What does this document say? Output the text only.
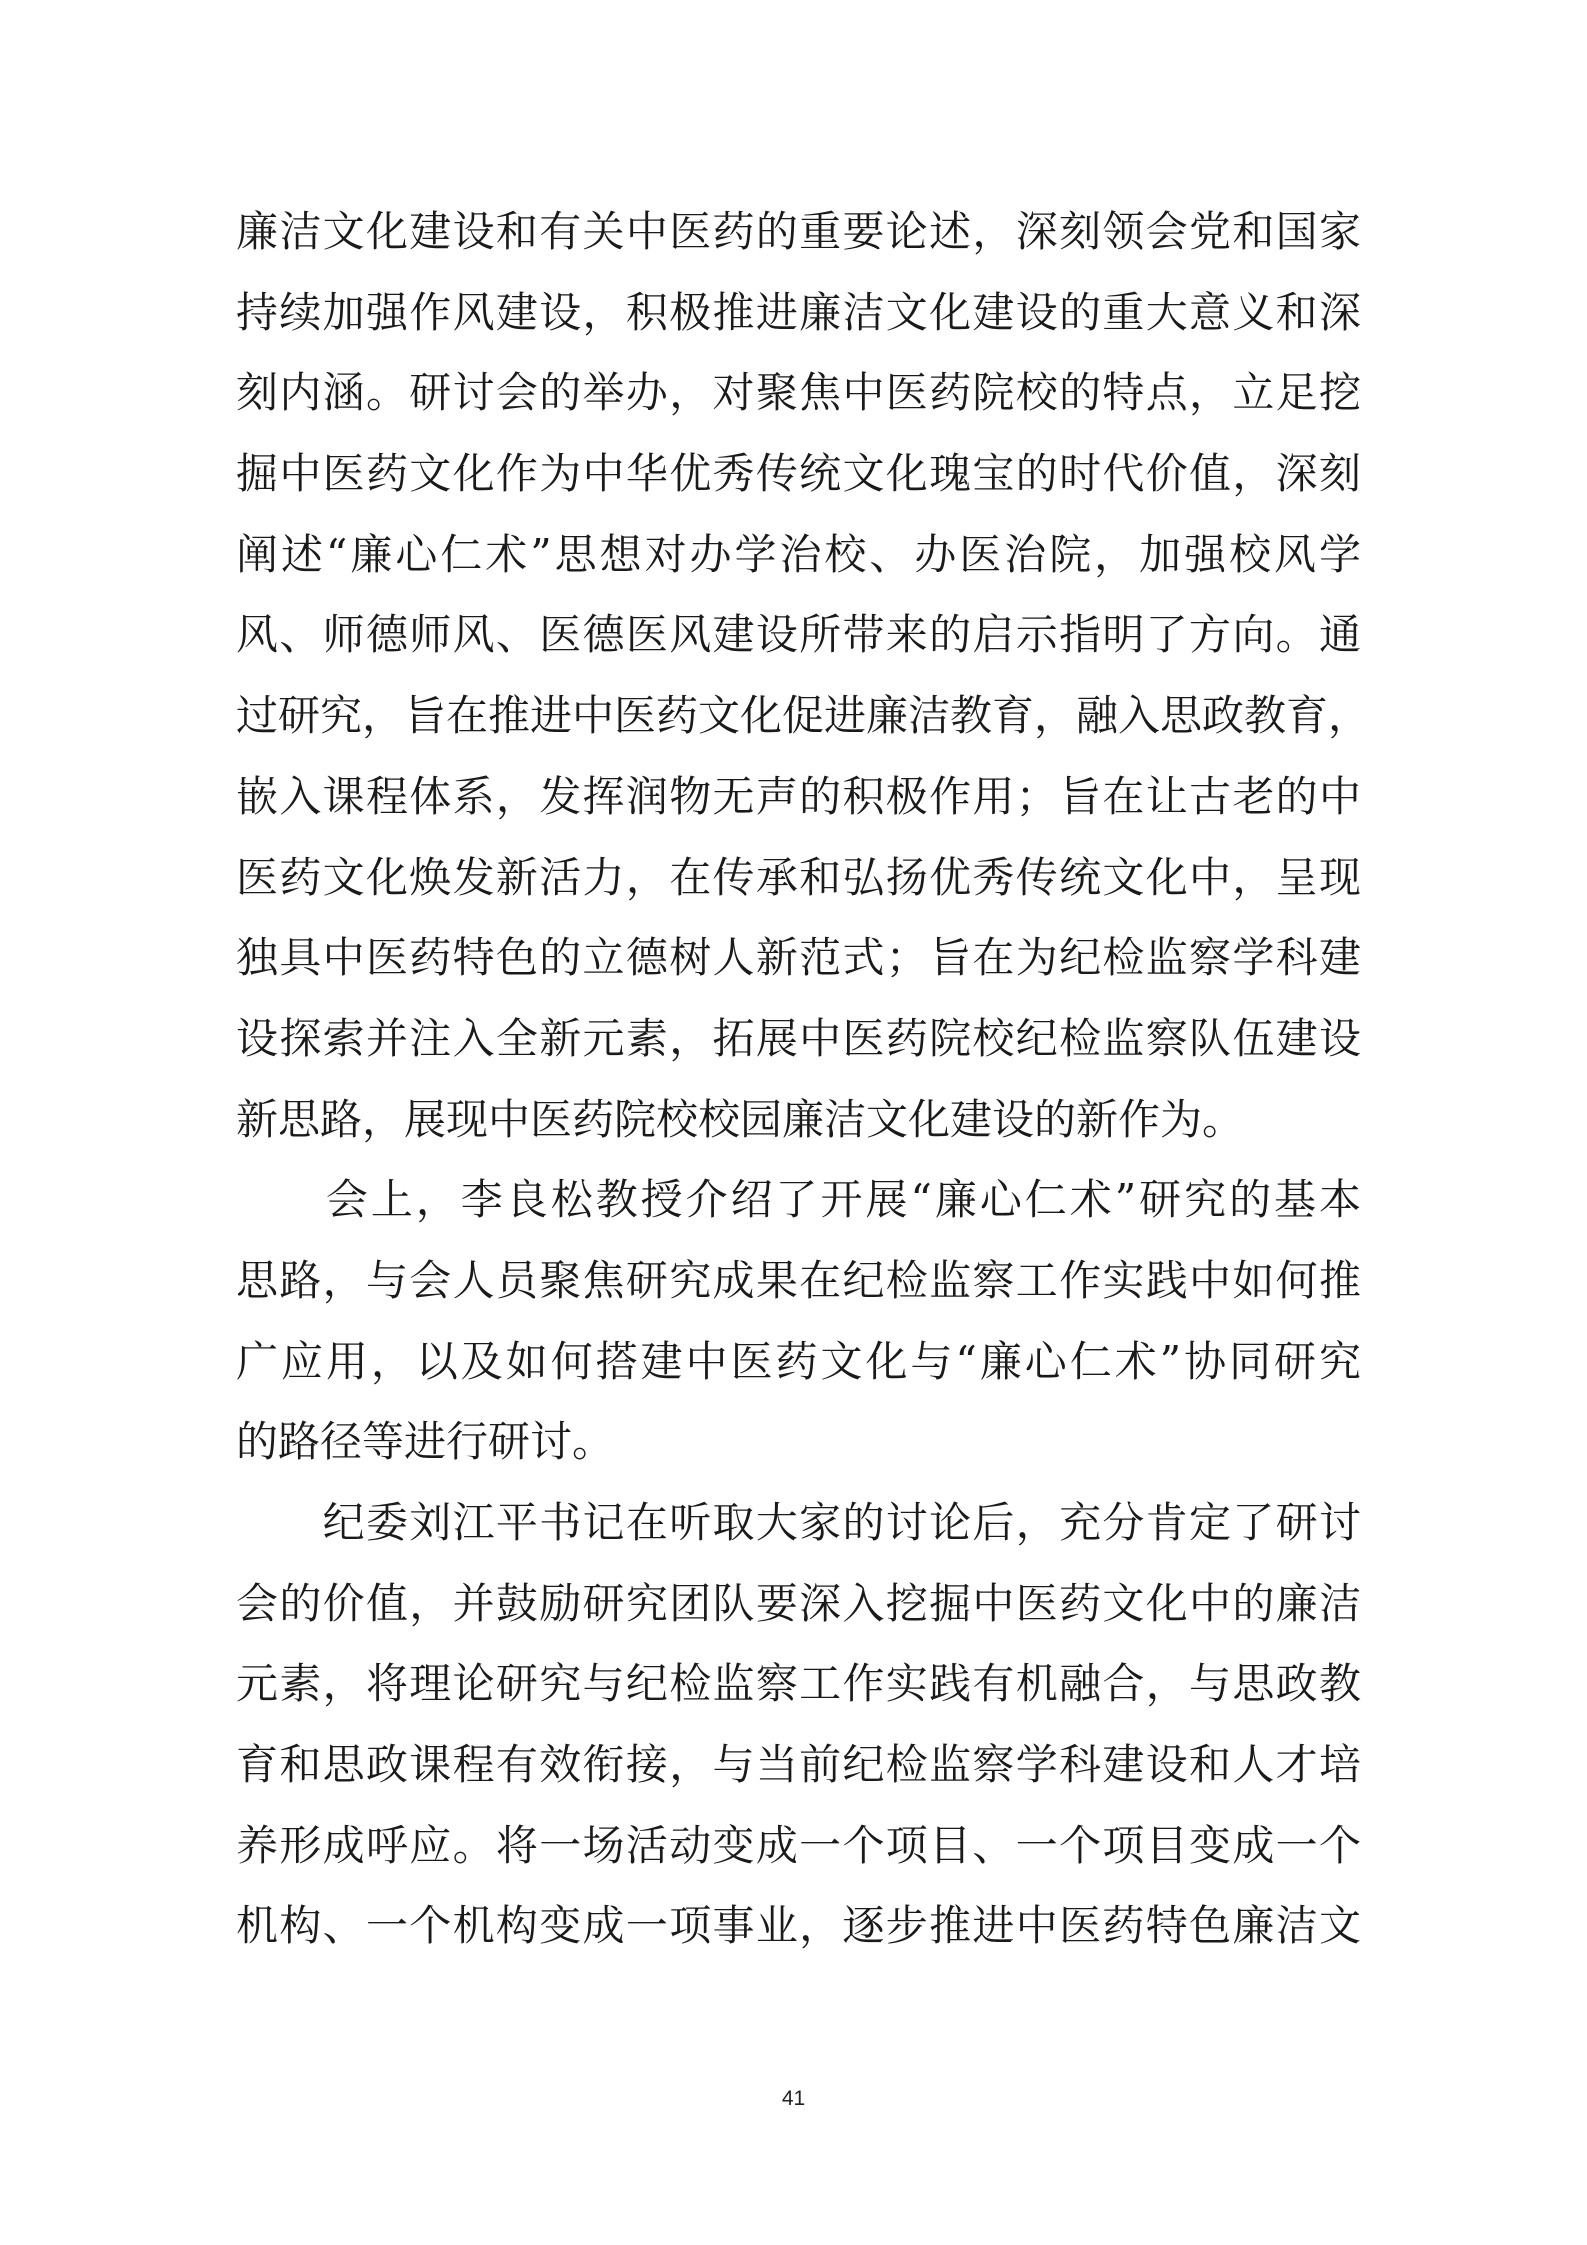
廉洁文化建设和有关中医药的重要论述，深刻领会党和国家
持续加强作风建设，积极推进廉洁文化建设的重大意义和深
刻内涵。研讨会的举办，对聚焦中医药院校的特点，立足挖
掘中医药文化作为中华优秀传统文化瑰宝的时代价值，深刻
阐述“廉心仁术”思想对办学治校、办医治院，加强校风学
风、师德师风、医德医风建设所带来的启示指明了方向。通
过研究，旨在推进中医药文化促进廉洁教育，融入思政教育，
嵌入课程体系，发挥润物无声的积极作用；旨在让古老的中
医药文化焕发新活力，在传承和弘扬优秀传统文化中，呈现
独具中医药特色的立德树人新范式；旨在为纪检监察学科建
设探索并注入全新元素，拓展中医药院校纪检监察队伍建设
新思路，展现中医药院校校园廉洁文化建设的新作为。
　　会上，李良松教授介绍了开展“廉心仁术”研究的基本
思路，与会人员聚焦研究成果在纪检监察工作实践中如何推
广应用，以及如何搭建中医药文化与“廉心仁术”协同研究
的路径等进行研讨。
　　纪委刘江平书记在听取大家的讨论后，充分肯定了研讨
会的价值，并鼓励研究团队要深入挖掘中医药文化中的廉洁
元素，将理论研究与纪检监察工作实践有机融合，与思政教
育和思政课程有效衔接，与当前纪检监察学科建设和人才培
养形成呼应。将一场活动变成一个项目、一个项目变成一个
机构、一个机构变成一项事业，逐步推进中医药特色廉洁文
41
